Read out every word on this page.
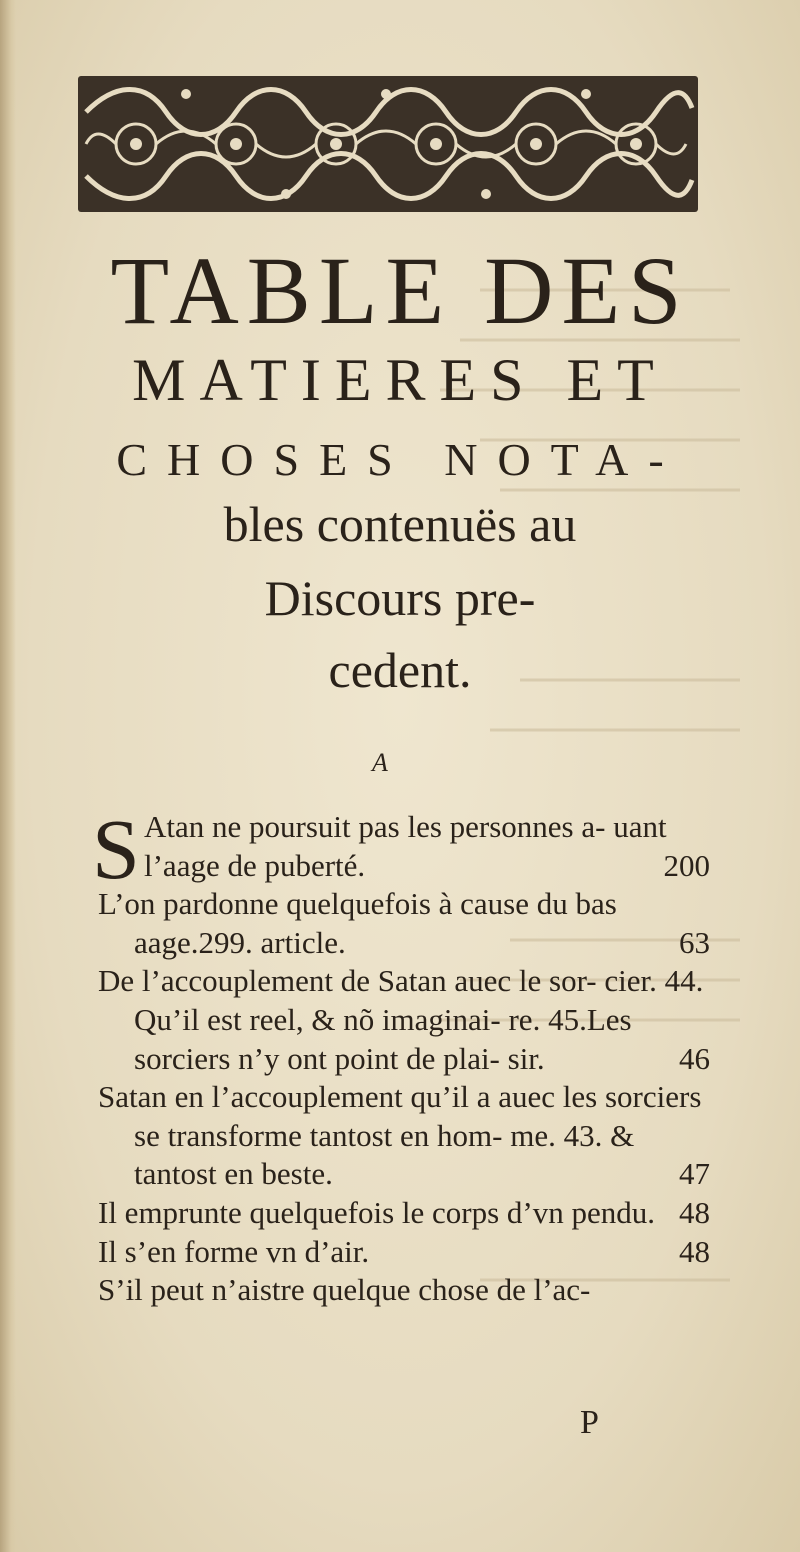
TABLE DES
MATIERES ET
CHOSES NOTA-
bles contenuës au
Discours pre-
cedent.
A
S Atan ne poursuit pas les personnes a- uant l’aage de puberté.	200
L’on pardonne quelquefois à cause du bas aage.299. article.	63
De l’accouplement de Satan auec le sor- cier. 44. Qu’il est reel, & nõ imaginai- re. 45.Les sorciers n’y ont point de plai- sir.	46
Satan en l’accouplement qu’il a auec les sorciers se transforme tantost en hom- me. 43. & tantost en beste.	47
Il emprunte quelquefois le corps d’vn pendu. 48
Il s’en forme vn d’air.	48
S’il peut n’aistre quelque chose de l’ac-
P
